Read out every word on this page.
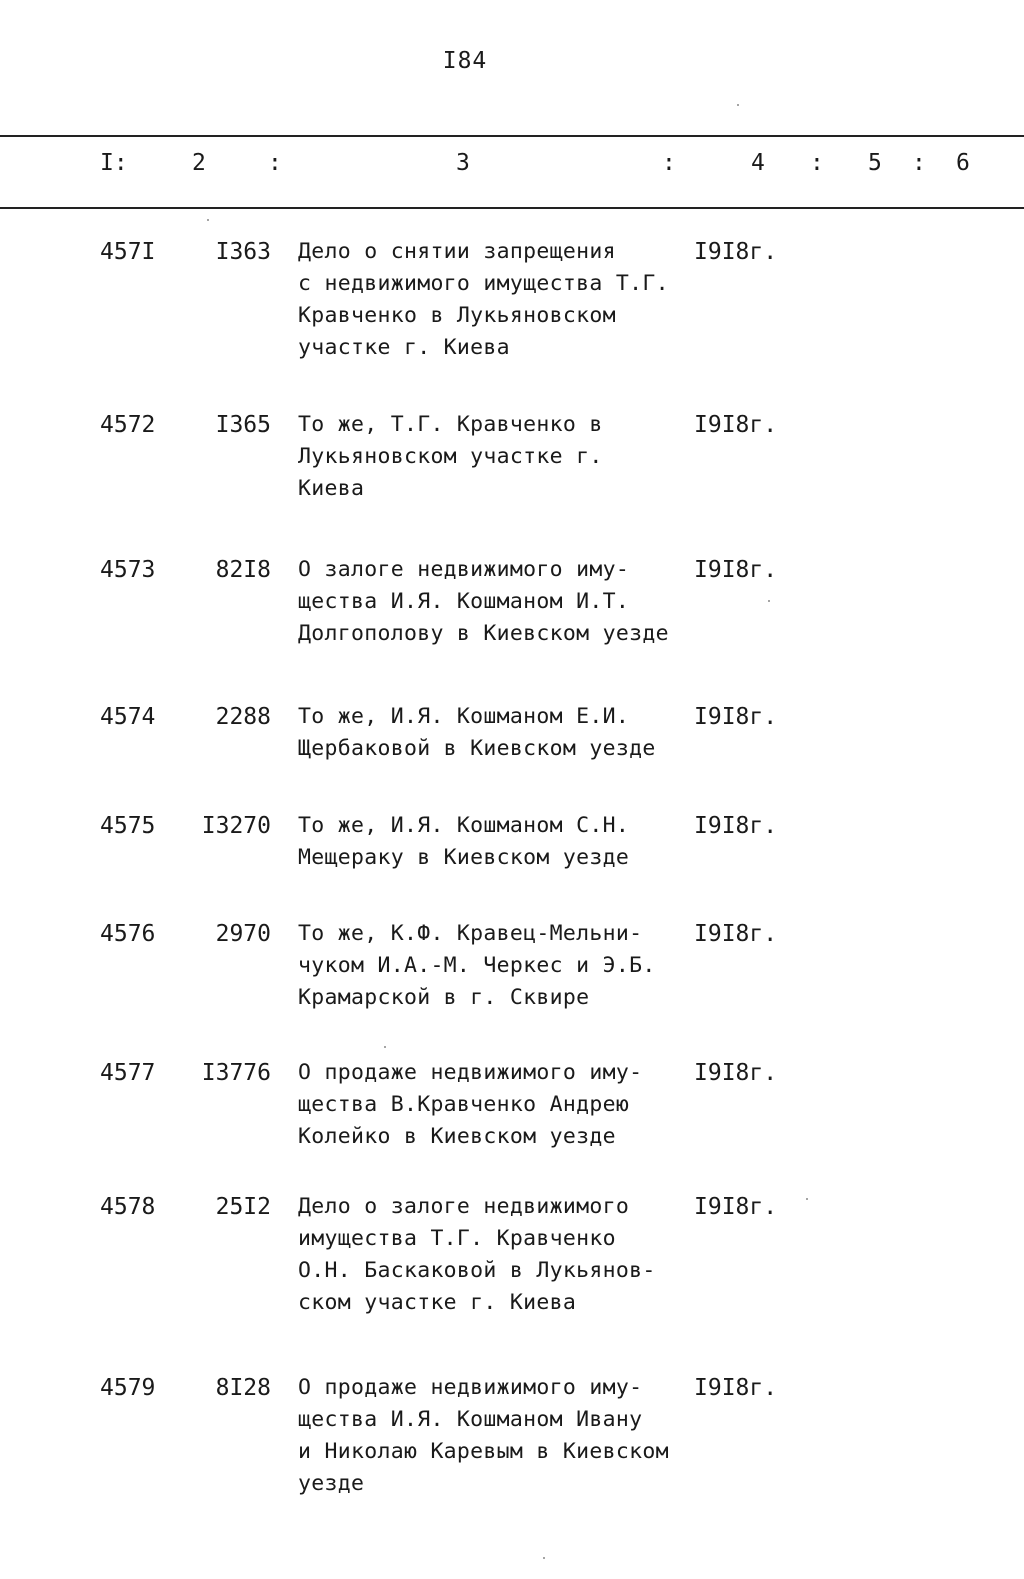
I84
I:	2	:	3	:	4 : 5 : 6
457I	I363 Дело о снятии запрещения
с недвижимого имущества Т.Г.
Кравченко в Лукьяновском
участке г. Киева
I9I8г.
4572	I365 То же, Т.Г. Кравченко в
Лукьяновском участке г.
Киева
I9I8г.
4573	82I8 О залоге недвижимого иму-
щества И.Я. Кошманом И.Т.
Долгополову в Киевском уезде
I9I8г.
4574	2288 То же, И.Я. Кошманом Е.И.
Щербаковой в Киевском уезде
I9I8г.
4575	I3270 То же, И.Я. Кошманом С.Н.
Мещераку в Киевском уезде
I9I8г.
4576	2970 То же, К.Ф. Кравец-Мельни-
чуком И.А.-М. Черкес и Э.Б.
Крамарской в г. Сквире
I9I8г.
4577	I3776 О продаже недвижимого иму-
щества В.Кравченко Андрею
Колейко в Киевском уезде
I9I8г.
4578	25I2 Дело о залоге недвижимого
имущества Т.Г. Кравченко
О.Н. Баскаковой в Лукьянов-
ском участке г. Киева
I9I8г.
4579	8I28 О продаже недвижимого иму-
щества И.Я. Кошманом Ивану
и Николаю Каревым в Киевском
уезде
I9I8г.
